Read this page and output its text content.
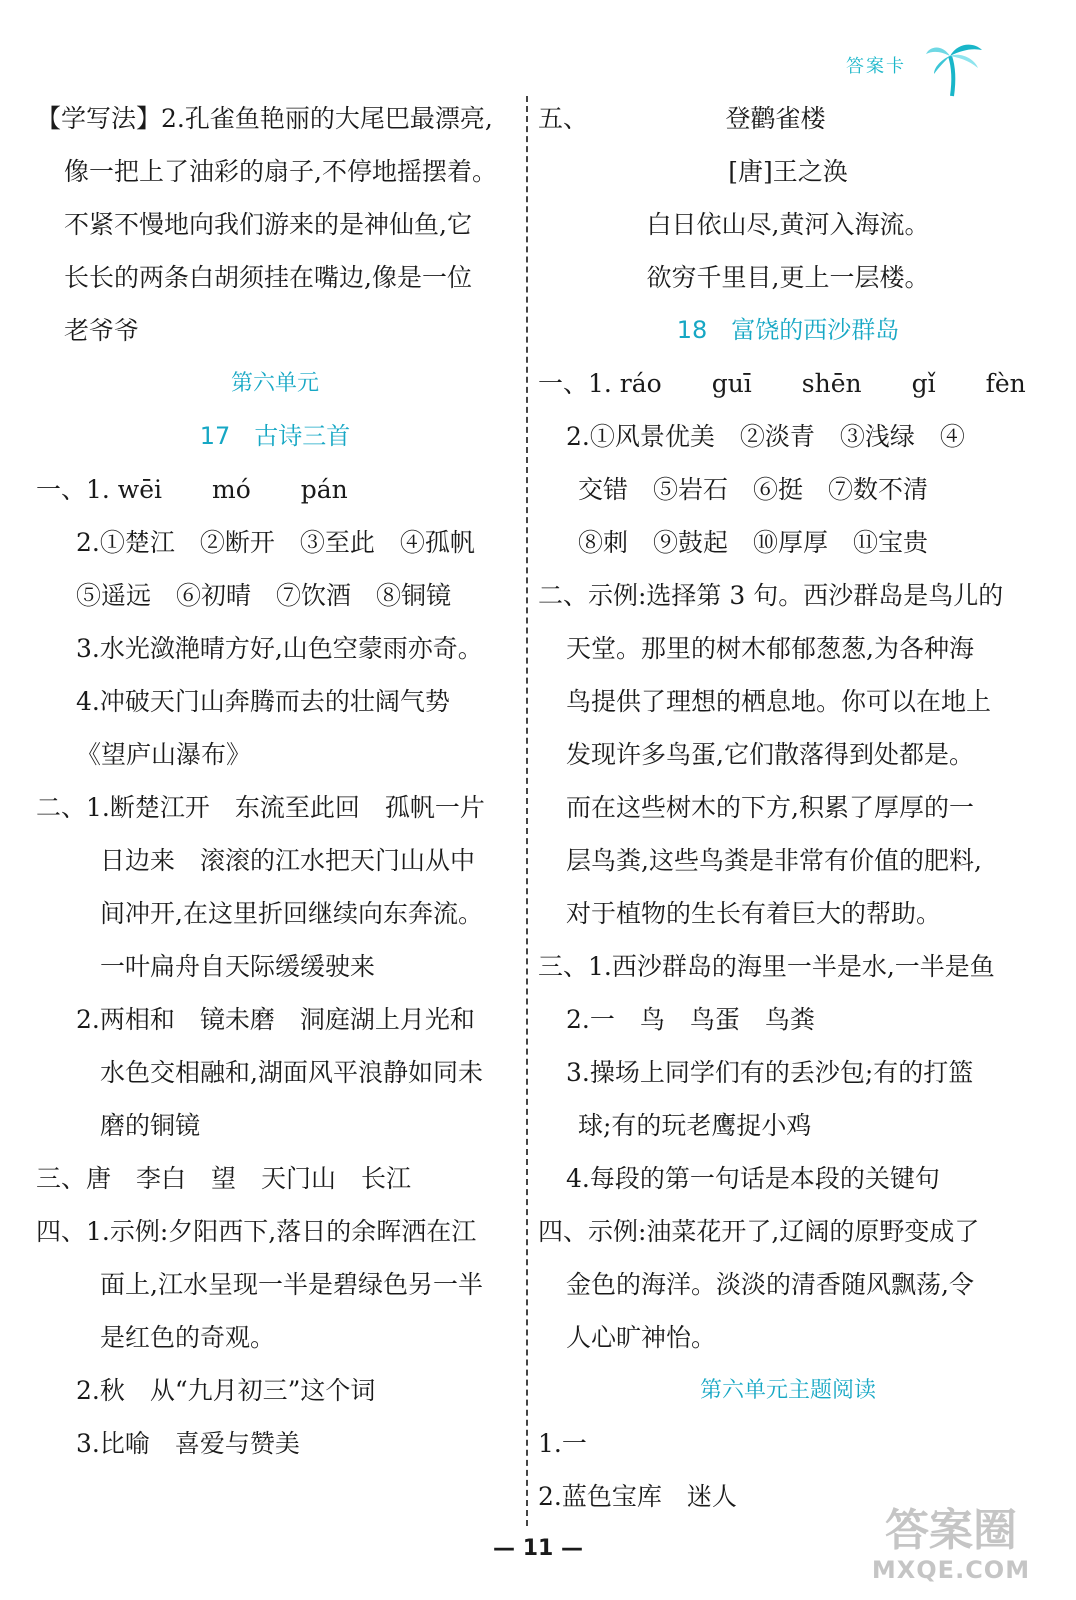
答案卡
【学写法】2.孔雀鱼艳丽的大尾巴最漂亮,
像一把上了油彩的扇子,不停地摇摆着。
不紧不慢地向我们游来的是神仙鱼,它
长长的两条白胡须挂在嘴边,像是一位
老爷爷
第六单元
17　古诗三首
一、1. wēi　　mó　　pán
2.①楚江　②断开　③至此　④孤帆
⑤遥远　⑥初晴　⑦饮酒　⑧铜镜
3.水光潋滟晴方好,山色空蒙雨亦奇。
4.冲破天门山奔腾而去的壮阔气势
《望庐山瀑布》
二、1.断楚江开　东流至此回　孤帆一片
日边来　滚滚的江水把天门山从中
间冲开,在这里折回继续向东奔流。
一叶扁舟自天际缓缓驶来
2.两相和　镜未磨　洞庭湖上月光和
水色交相融和,湖面风平浪静如同未
磨的铜镜
三、唐　李白　望　天门山　长江
四、1.示例:夕阳西下,落日的余晖洒在江
面上,江水呈现一半是碧绿色另一半
是红色的奇观。
2.秋　从“九月初三”这个词
3.比喻　喜爱与赞美
五、　　　　　　登鹳雀楼
[唐]王之涣
白日依山尽,黄河入海流。
欲穷千里目,更上一层楼。
18　富饶的西沙群岛
一、1. ráo　　guī　　shēn　　gǐ　　fèn
2.①风景优美　②淡青　③浅绿　④
交错　⑤岩石　⑥挺　⑦数不清
⑧刺　⑨鼓起　⑩厚厚　⑪宝贵
二、示例:选择第 3 句。西沙群岛是鸟儿的
天堂。那里的树木郁郁葱葱,为各种海
鸟提供了理想的栖息地。你可以在地上
发现许多鸟蛋,它们散落得到处都是。
而在这些树木的下方,积累了厚厚的一
层鸟粪,这些鸟粪是非常有价值的肥料,
对于植物的生长有着巨大的帮助。
三、1.西沙群岛的海里一半是水,一半是鱼
2.一　鸟　鸟蛋　鸟粪
3.操场上同学们有的丢沙包;有的打篮
球;有的玩老鹰捉小鸡
4.每段的第一句话是本段的关键句
四、示例:油菜花开了,辽阔的原野变成了
金色的海洋。淡淡的清香随风飘荡,令
人心旷神怡。
第六单元主题阅读
1.一
2.蓝色宝库　迷人
— 11 —	答案圈
MXQE.COM
